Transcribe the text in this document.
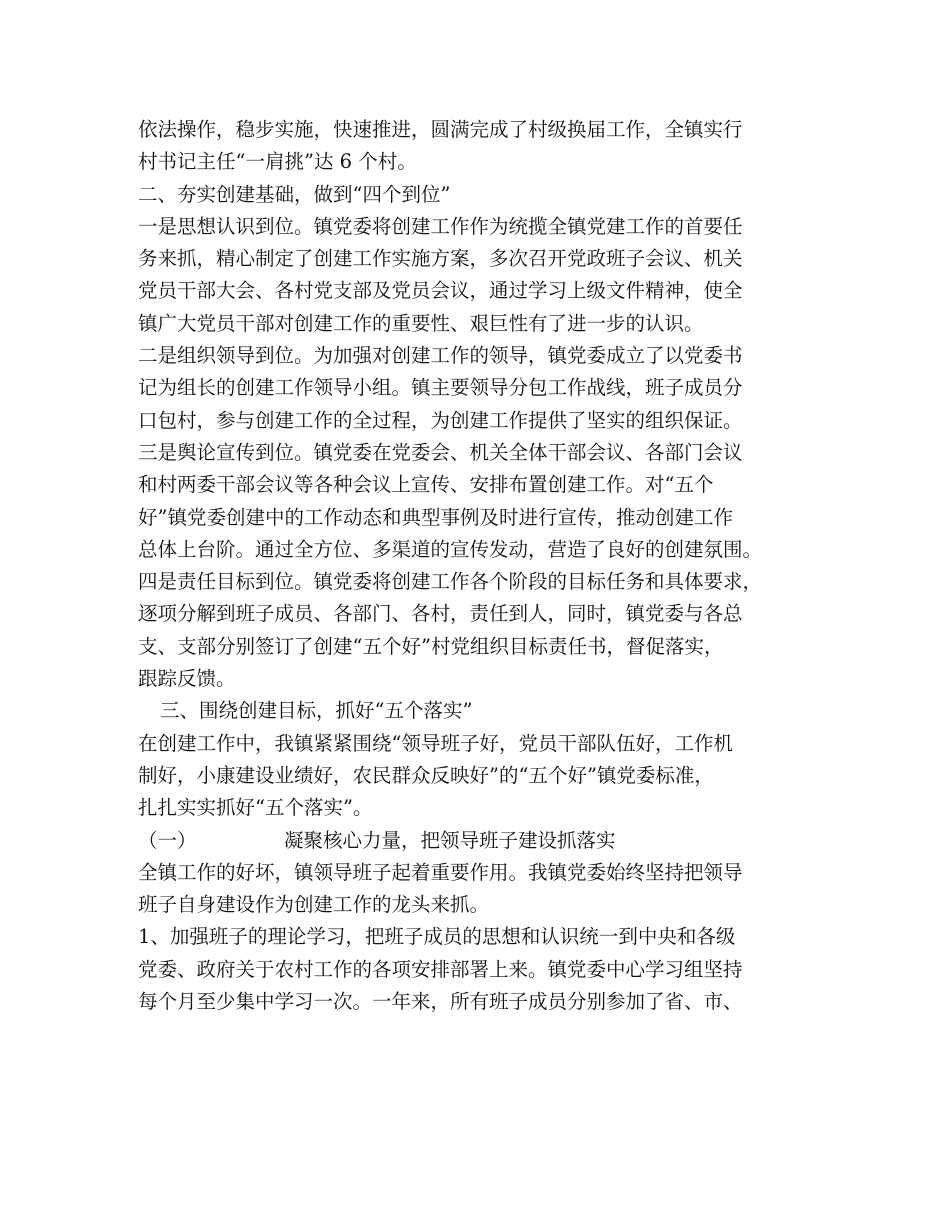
依法操作，稳步实施，快速推进，圆满完成了村级换届工作，全镇实行
村书记主任“一肩挑”达 6 个村。
二、夯实创建基础，做到“四个到位”
一是思想认识到位。镇党委将创建工作作为统揽全镇党建工作的首要任
务来抓，精心制定了创建工作实施方案，多次召开党政班子会议、机关
党员干部大会、各村党支部及党员会议，通过学习上级文件精神，使全
镇广大党员干部对创建工作的重要性、艰巨性有了进一步的认识。
二是组织领导到位。为加强对创建工作的领导，镇党委成立了以党委书
记为组长的创建工作领导小组。镇主要领导分包工作战线，班子成员分
口包村，参与创建工作的全过程，为创建工作提供了坚实的组织保证。
三是舆论宣传到位。镇党委在党委会、机关全体干部会议、各部门会议
和村两委干部会议等各种会议上宣传、安排布置创建工作。对“五个
好”镇党委创建中的工作动态和典型事例及时进行宣传，推动创建工作
总体上台阶。通过全方位、多渠道的宣传发动，营造了良好的创建氛围。
四是责任目标到位。镇党委将创建工作各个阶段的目标任务和具体要求，
逐项分解到班子成员、各部门、各村，责任到人，同时，镇党委与各总
支、支部分别签订了创建“五个好”村党组织目标责任书，督促落实，
跟踪反馈。
三、围绕创建目标，抓好“五个落实”
在创建工作中，我镇紧紧围绕“领导班子好，党员干部队伍好，工作机
制好，小康建设业绩好，农民群众反映好”的“五个好”镇党委标准，
扎扎实实抓好“五个落实”。
（一）	凝聚核心力量，把领导班子建设抓落实
全镇工作的好坏，镇领导班子起着重要作用。我镇党委始终坚持把领导
班子自身建设作为创建工作的龙头来抓。
1、加强班子的理论学习，把班子成员的思想和认识统一到中央和各级
党委、政府关于农村工作的各项安排部署上来。镇党委中心学习组坚持
每个月至少集中学习一次。一年来，所有班子成员分别参加了省、市、
